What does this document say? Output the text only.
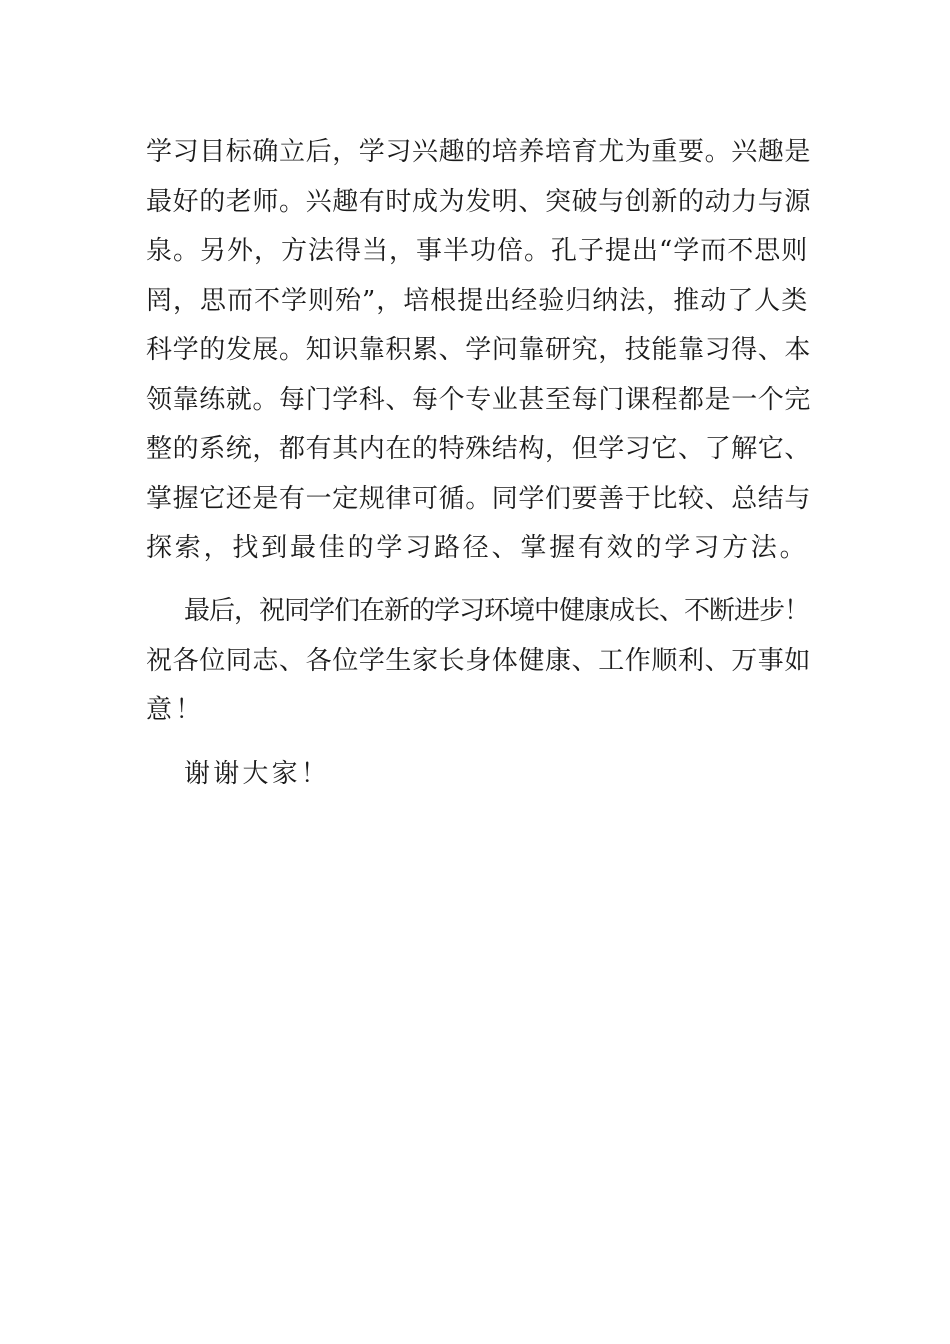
学习目标确立后，学习兴趣的培养培育尤为重要。兴趣是
最好的老师。兴趣有时成为发明、突破与创新的动力与源
泉。另外，方法得当，事半功倍。孔子提出“学而不思则
罔，思而不学则殆”，培根提出经验归纳法，推动了人类
科学的发展。知识靠积累、学问靠研究，技能靠习得、本
领靠练就。每门学科、每个专业甚至每门课程都是一个完
整的系统，都有其内在的特殊结构，但学习它、了解它、
掌握它还是有一定规律可循。同学们要善于比较、总结与
探索，找到最佳的学习路径、掌握有效的学习方法。
最后，祝同学们在新的学习环境中健康成长、不断进步！
祝各位同志、各位学生家长身体健康、工作顺利、万事如
意！
谢谢大家！
